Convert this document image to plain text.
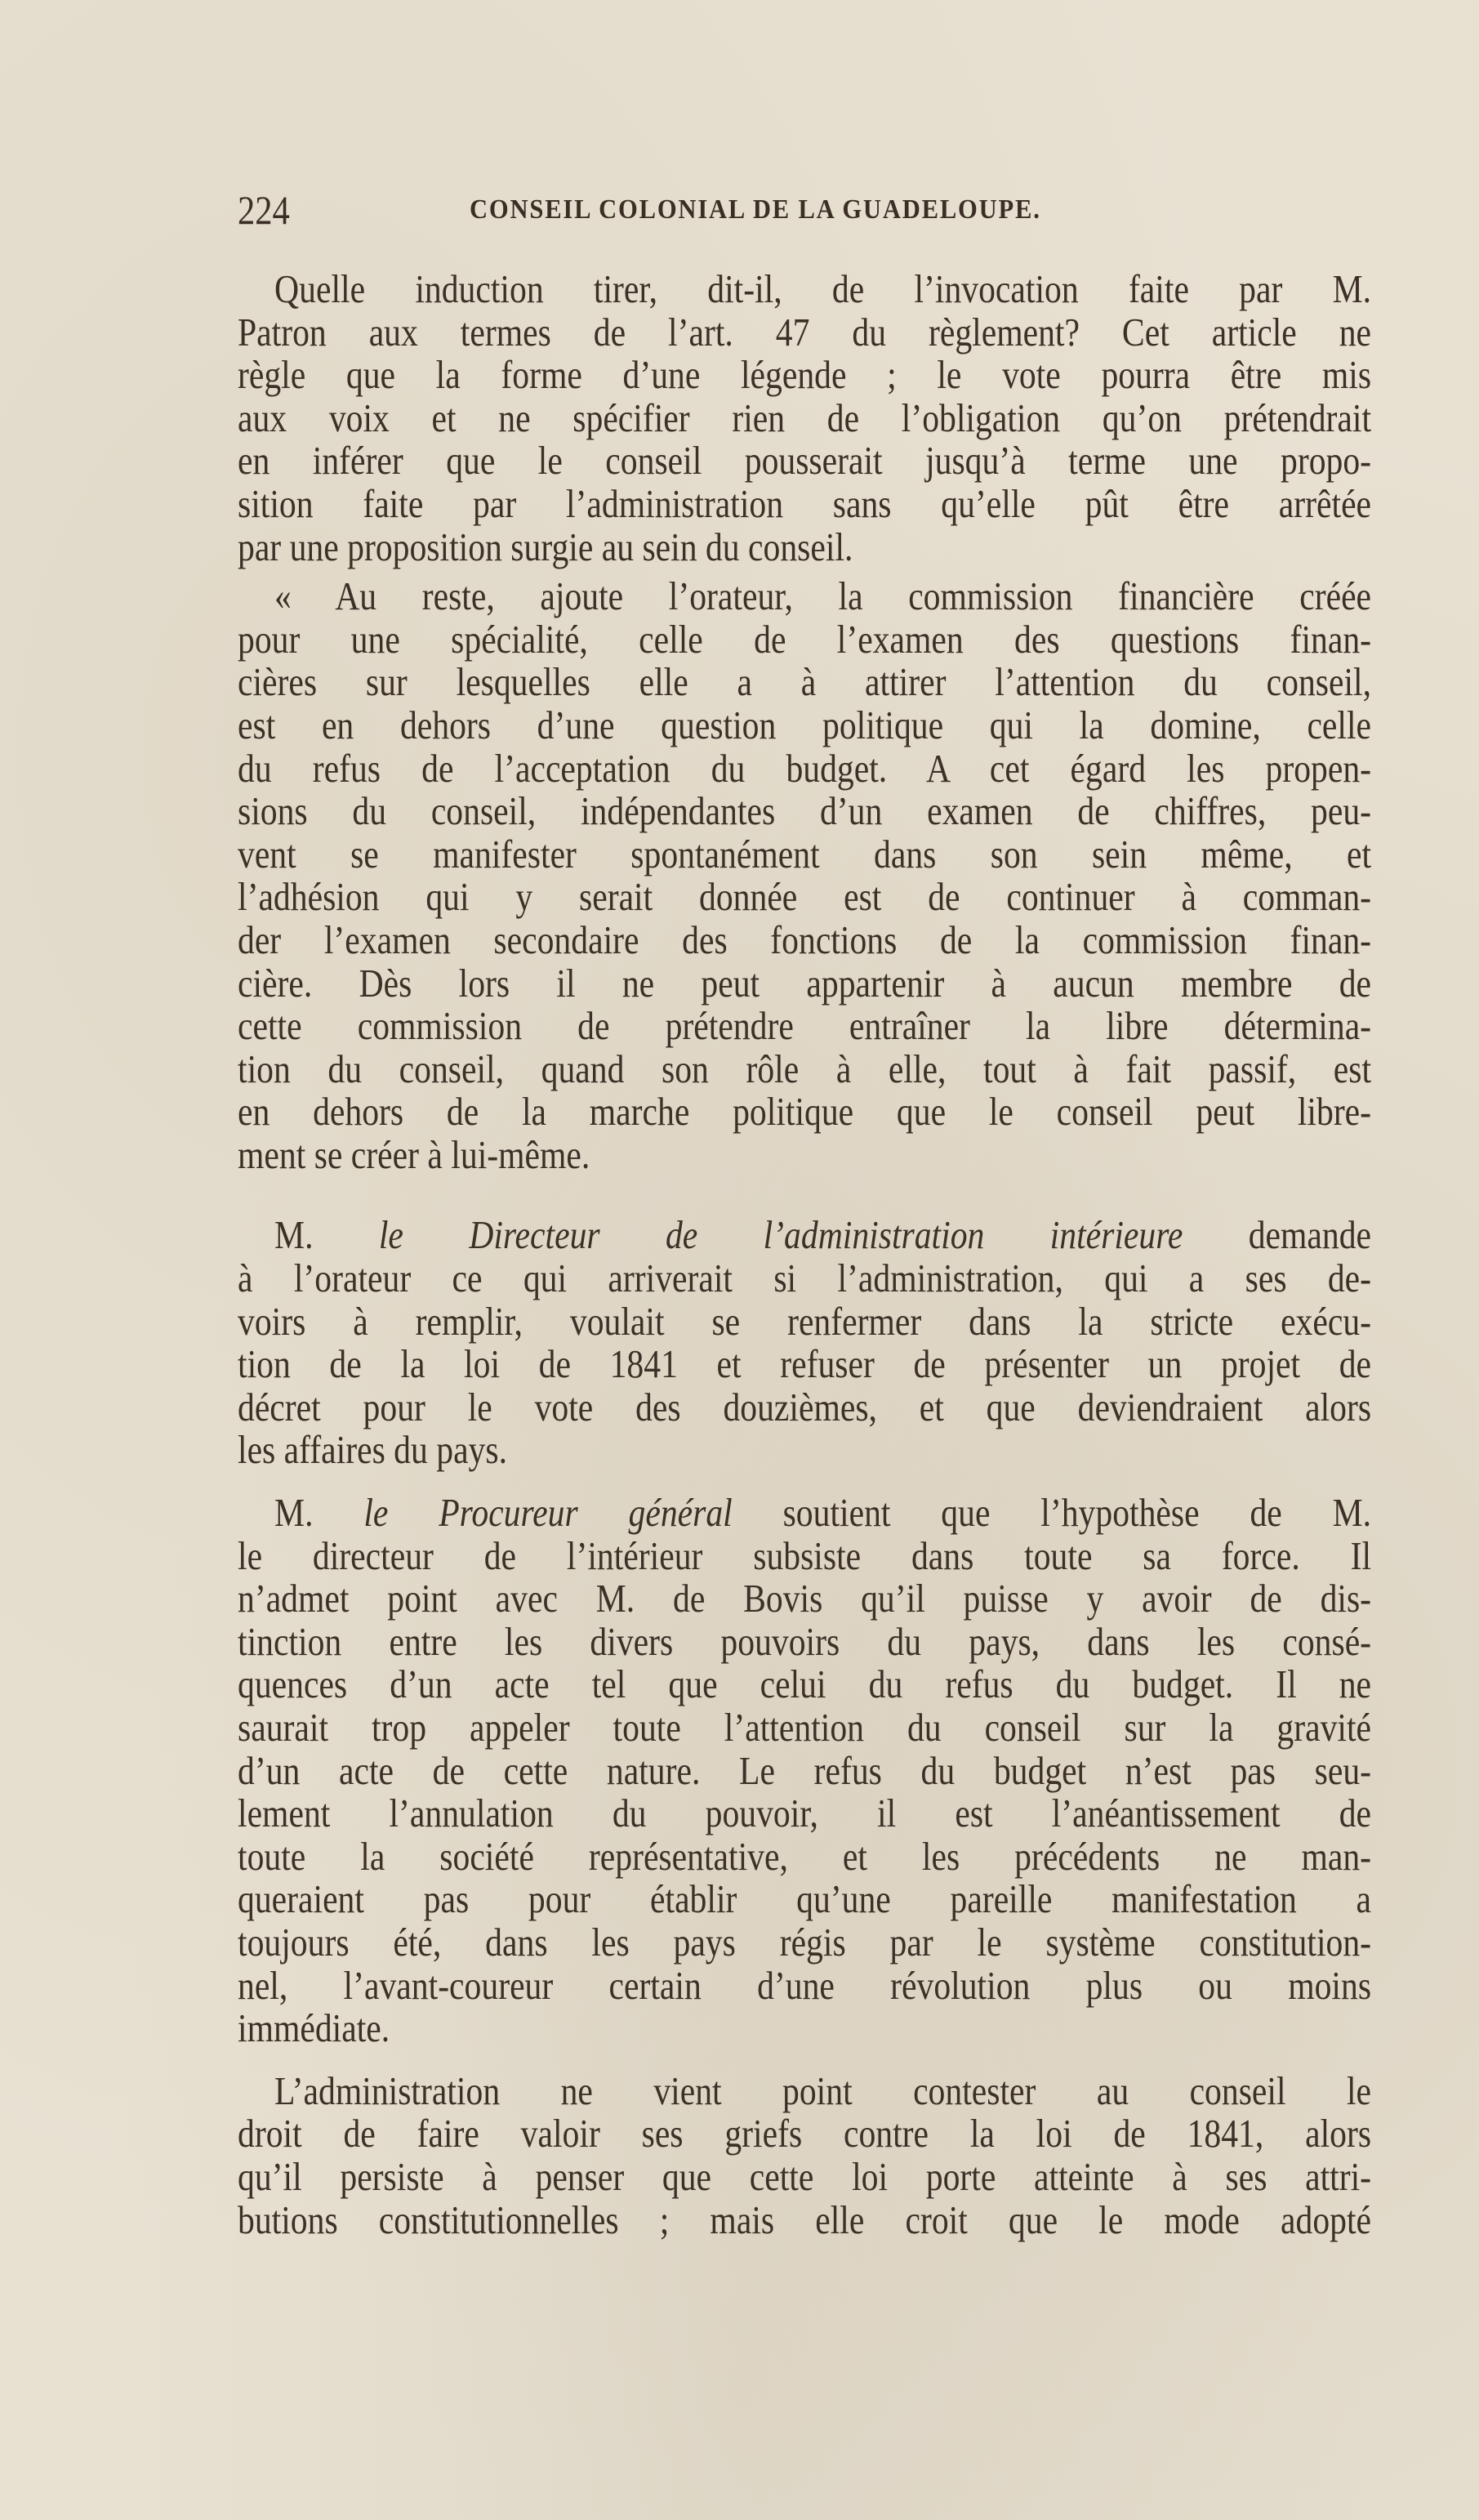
224	CONSEIL COLONIAL DE LA GUADELOUPE.
Quelle induction tirer, dit-il, de l’invocation faite par M.
Patron aux termes de l’art. 47 du règlement? Cet article ne
règle que la forme d’une légende ; le vote pourra être mis
aux voix et ne spécifier rien de l’obligation qu’on prétendrait
en inférer que le conseil pousserait jusqu’à terme une propo-
sition faite par l’administration sans qu’elle pût être arrêtée
par une proposition surgie au sein du conseil.
« Au reste, ajoute l’orateur, la commission financière créée
pour une spécialité, celle de l’examen des questions finan-
cières sur lesquelles elle a à attirer l’attention du conseil,
est en dehors d’une question politique qui la domine, celle
du refus de l’acceptation du budget. A cet égard les propen-
sions du conseil, indépendantes d’un examen de chiffres, peu-
vent se manifester spontanément dans son sein même, et
l’adhésion qui y serait donnée est de continuer à comman-
der l’examen secondaire des fonctions de la commission finan-
cière. Dès lors il ne peut appartenir à aucun membre de
cette commission de prétendre entraîner la libre détermina-
tion du conseil, quand son rôle à elle, tout à fait passif, est
en dehors de la marche politique que le conseil peut libre-
ment se créer à lui-même.
M. le Directeur de l’administration intérieure demande
à l’orateur ce qui arriverait si l’administration, qui a ses de-
voirs à remplir, voulait se renfermer dans la stricte exécu-
tion de la loi de 1841 et refuser de présenter un projet de
décret pour le vote des douzièmes, et que deviendraient alors
les affaires du pays.
M. le Procureur général soutient que l’hypothèse de M.
le directeur de l’intérieur subsiste dans toute sa force. Il
n’admet point avec M. de Bovis qu’il puisse y avoir de dis-
tinction entre les divers pouvoirs du pays, dans les consé-
quences d’un acte tel que celui du refus du budget. Il ne
saurait trop appeler toute l’attention du conseil sur la gravité
d’un acte de cette nature. Le refus du budget n’est pas seu-
lement l’annulation du pouvoir, il est l’anéantissement de
toute la société représentative, et les précédents ne man-
queraient pas pour établir qu’une pareille manifestation a
toujours été, dans les pays régis par le système constitution-
nel, l’avant-coureur certain d’une révolution plus ou moins
immédiate.
L’administration ne vient point contester au conseil le
droit de faire valoir ses griefs contre la loi de 1841, alors
qu’il persiste à penser que cette loi porte atteinte à ses attri-
butions constitutionnelles ; mais elle croit que le mode adopté
